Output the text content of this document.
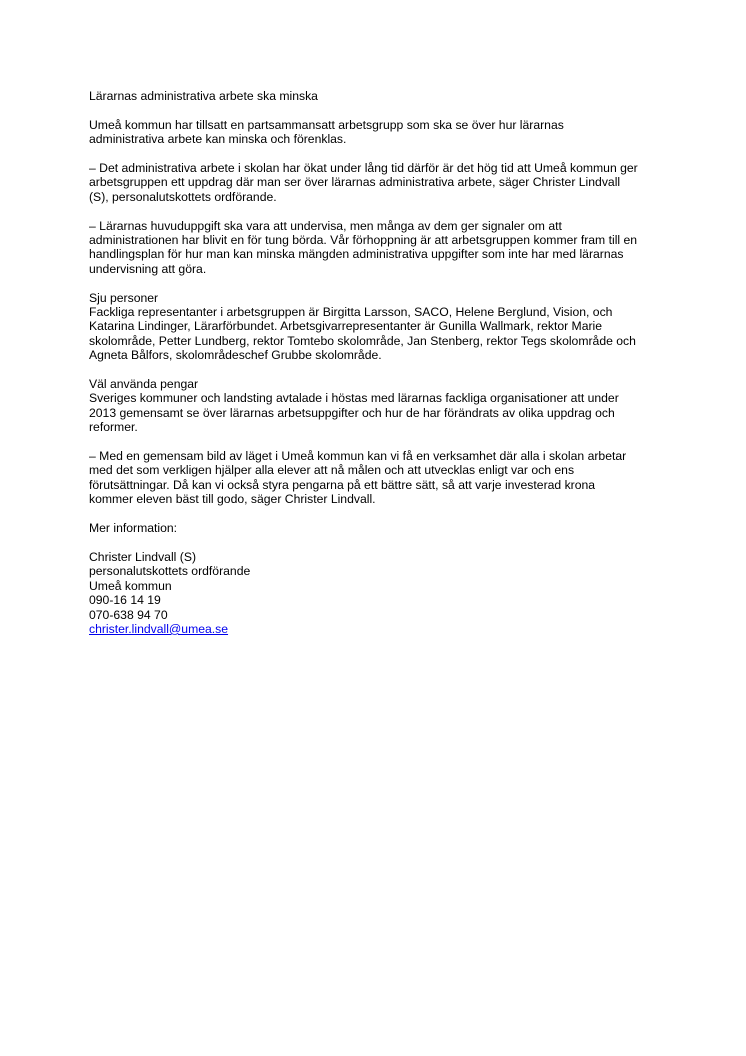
Lärarnas administrativa arbete ska minska
Umeå kommun har tillsatt en partsammansatt arbetsgrupp som ska se över hur lärarnas
administrativa arbete kan minska och förenklas.
– Det administrativa arbete i skolan har ökat under lång tid därför är det hög tid att Umeå kommun ger
arbetsgruppen ett uppdrag där man ser över lärarnas administrativa arbete, säger Christer Lindvall
(S), personalutskottets ordförande.
– Lärarnas huvuduppgift ska vara att undervisa, men många av dem ger signaler om att
administrationen har blivit en för tung börda. Vår förhoppning är att arbetsgruppen kommer fram till en
handlingsplan för hur man kan minska mängden administrativa uppgifter som inte har med lärarnas
undervisning att göra.
Sju personer
Fackliga representanter i arbetsgruppen är Birgitta Larsson, SACO, Helene Berglund, Vision, och
Katarina Lindinger, Lärarförbundet. Arbetsgivarrepresentanter är Gunilla Wallmark, rektor Marie
skolområde, Petter Lundberg, rektor Tomtebo skolområde, Jan Stenberg, rektor Tegs skolområde och
Agneta Bålfors, skolområdeschef Grubbe skolområde.
Väl använda pengar
Sveriges kommuner och landsting avtalade i höstas med lärarnas fackliga organisationer att under
2013 gemensamt se över lärarnas arbetsuppgifter och hur de har förändrats av olika uppdrag och
reformer.
– Med en gemensam bild av läget i Umeå kommun kan vi få en verksamhet där alla i skolan arbetar
med det som verkligen hjälper alla elever att nå målen och att utvecklas enligt var och ens
förutsättningar. Då kan vi också styra pengarna på ett bättre sätt, så att varje investerad krona
kommer eleven bäst till godo, säger Christer Lindvall.
Mer information:
Christer Lindvall (S)
personalutskottets ordförande
Umeå kommun
090-16 14 19
070-638 94 70
christer.lindvall@umea.se
